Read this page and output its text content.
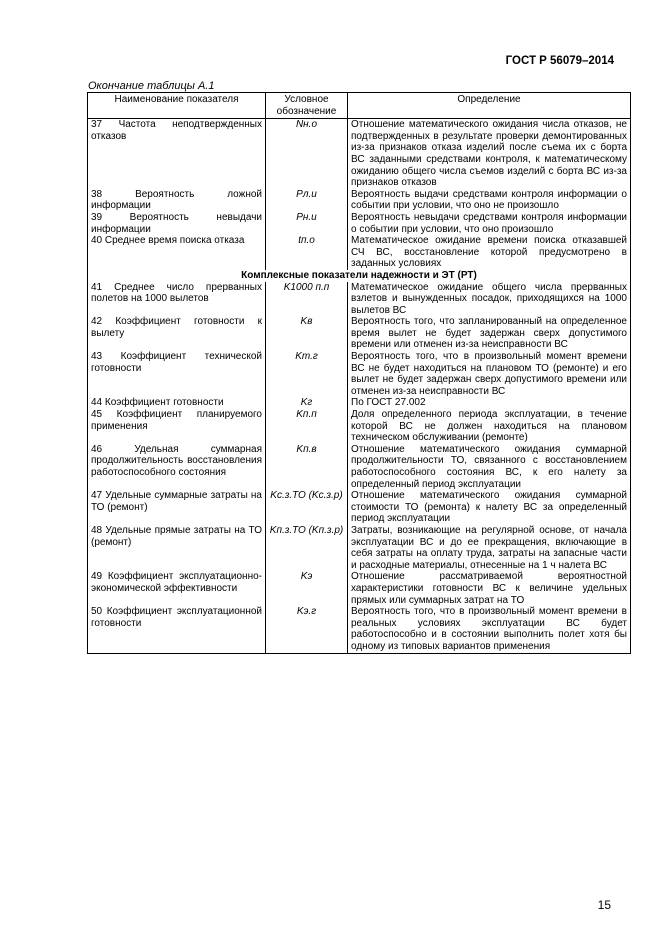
ГОСТ Р 56079–2014
Окончание таблицы А.1
Наименование показателя	Условное обозначение	Определение
37 Частота неподтвержденных отказов	Nн.о	Отношение математического ожидания числа отказов, не подтвержденных в результате проверки демонтированных из-за признаков отказа изделий после съема их с борта ВС заданными средствами контроля, к математическому ожиданию общего числа съемов изделий с борта ВС из-за признаков отказов
38 Вероятность ложной информации	Pл.и	Вероятность выдачи средствами контроля информации о событии при условии, что оно не произошло
39 Вероятность невыдачи информации	Pн.и	Вероятность невыдачи средствами контроля информации о событии при условии, что оно произошло
40 Среднее время поиска отказа	tп.о	Математическое ожидание времени поиска отказавшей СЧ ВС, восстановление которой предусмотрено в заданных условиях
Комплексные показатели надежности и ЭТ (РТ)		
41 Среднее число прерванных полетов на 1000 вылетов	K1000 п.п	Математическое ожидание общего числа прерванных взлетов и вынужденных посадок, приходящихся на 1000 вылетов ВС
42 Коэффициент готовности к вылету	Kв	Вероятность того, что запланированный на определенное время вылет не будет задержан сверх допустимого времени или отменен из-за неисправности ВС
43 Коэффициент технической готовности	Kт.г	Вероятность того, что в произвольный момент времени ВС не будет находиться на плановом ТО (ремонте) и его вылет не будет задержан сверх допустимого времени или отменен из-за неисправности ВС
44 Коэффициент готовности	Kг	По ГОСТ 27.002
45 Коэффициент планируемого применения	Kп.п	Доля определенного периода эксплуатации, в течение которой ВС не должен находиться на плановом техническом обслуживании (ремонте)
46 Удельная суммарная продолжительность восстановления работоспособного состояния	Kп.в	Отношение математического ожидания суммарной продолжительности ТО, связанного с восстановлением работоспособного состояния ВС, к его налету за определенный период эксплуатации
47 Удельные суммарные затраты на ТО (ремонт)	Kс.з.ТО (Kс.з.р)	Отношение математического ожидания суммарной стоимости ТО (ремонта) к налету ВС за определенный период эксплуатации
48 Удельные прямые затраты на ТО (ремонт)	Kп.з.ТО (Kп.з.р)	Затраты, возникающие на регулярной основе, от начала эксплуатации ВС и до ее прекращения, включающие в себя затраты на оплату труда, затраты на запасные части и расходные материалы, отнесенные на 1 ч налета ВС
49 Коэффициент эксплуатационно-экономической эффективности	Kэ	Отношение рассматриваемой вероятностной характеристики готовности ВС к величине удельных прямых или суммарных затрат на ТО
50 Коэффициент эксплуатационной готовности	Kэ.г	Вероятность того, что в произвольный момент времени в реальных условиях эксплуатации ВС будет работоспособно и в состоянии выполнить полет хотя бы одному из типовых вариантов применения
15
